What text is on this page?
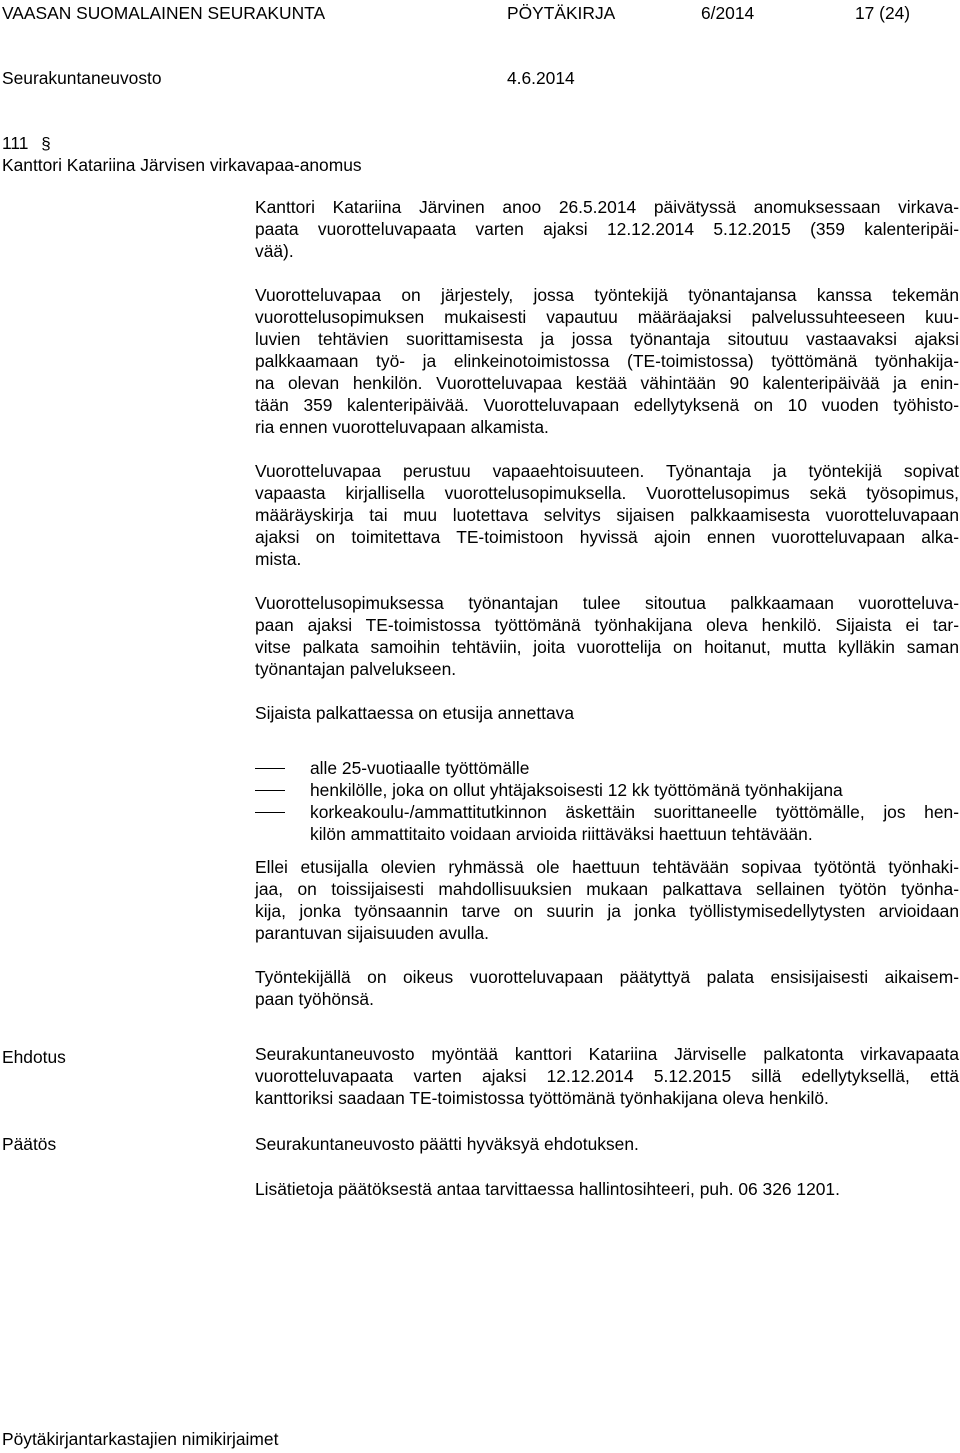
VAASAN SUOMALAINEN SEURAKUNTA	PÖYTÄKIRJA	6/2014	17 (24)
Seurakuntaneuvosto	4.6.2014
111 §
Kanttori Katariina Järvisen virkavapaa-anomus
Kanttori Katariina Järvinen anoo 26.5.2014 päivätyssä anomuksessaan virkava-
paata vuorotteluvapaata varten ajaksi 12.12.2014 5.12.2015 (359 kalenteripäi-
vää).
Vuorotteluvapaa on järjestely, jossa työntekijä työnantajansa kanssa tekemän
vuorottelusopimuksen mukaisesti vapautuu määräajaksi palvelussuhteeseen kuu-
luvien tehtävien suorittamisesta ja jossa työnantaja sitoutuu vastaavaksi ajaksi
palkkaamaan työ- ja elinkeinotoimistossa (TE-toimistossa) työttömänä työnhakija-
na olevan henkilön. Vuorotteluvapaa kestää vähintään 90 kalenteripäivää ja enin-
tään 359 kalenteripäivää. Vuorotteluvapaan edellytyksenä on 10 vuoden työhisto-
ria ennen vuorotteluvapaan alkamista.
Vuorotteluvapaa perustuu vapaaehtoisuuteen. Työnantaja ja työntekijä sopivat
vapaasta kirjallisella vuorottelusopimuksella. Vuorottelusopimus sekä työsopimus,
määräyskirja tai muu luotettava selvitys sijaisen palkkaamisesta vuorotteluvapaan
ajaksi on toimitettava TE-toimistoon hyvissä ajoin ennen vuorotteluvapaan alka-
mista.
Vuorottelusopimuksessa työnantajan tulee sitoutua palkkaamaan vuorotteluva-
paan ajaksi TE-toimistossa työttömänä työnhakijana oleva henkilö. Sijaista ei tar-
vitse palkata samoihin tehtäviin, joita vuorottelija on hoitanut, mutta kylläkin saman
työnantajan palvelukseen.
Sijaista palkattaessa on etusija annettava
Ellei etusijalla olevien ryhmässä ole haettuun tehtävään sopivaa työtöntä työnhaki-
jaa, on toissijaisesti mahdollisuuksien mukaan palkattava sellainen työtön työnha-
kija, jonka työnsaannin tarve on suurin ja jonka työllistymisedellytysten arvioidaan
parantuvan sijaisuuden avulla.
Työntekijällä on oikeus vuorotteluvapaan päätyttyä palata ensisijaisesti aikaisem-
paan työhönsä.
alle 25-vuotiaalle työttömälle
henkilölle, joka on ollut yhtäjaksoisesti 12 kk työttömänä työnhakijana
korkeakoulu-/ammattitutkinnon äskettäin suorittaneelle työttömälle, jos hen-
kilön ammattitaito voidaan arvioida riittäväksi haettuun tehtävään.
Ehdotus	Seurakuntaneuvosto myöntää kanttori Katariina Järviselle palkatonta virkavapaata
vuorotteluvapaata varten ajaksi 12.12.2014 5.12.2015 sillä edellytyksellä, että
kanttoriksi saadaan TE-toimistossa työttömänä työnhakijana oleva henkilö.
Päätös	Seurakuntaneuvosto päätti hyväksyä ehdotuksen.
Lisätietoja päätöksestä antaa tarvittaessa hallintosihteeri, puh. 06 326 1201.
Pöytäkirjantarkastajien nimikirjaimet
